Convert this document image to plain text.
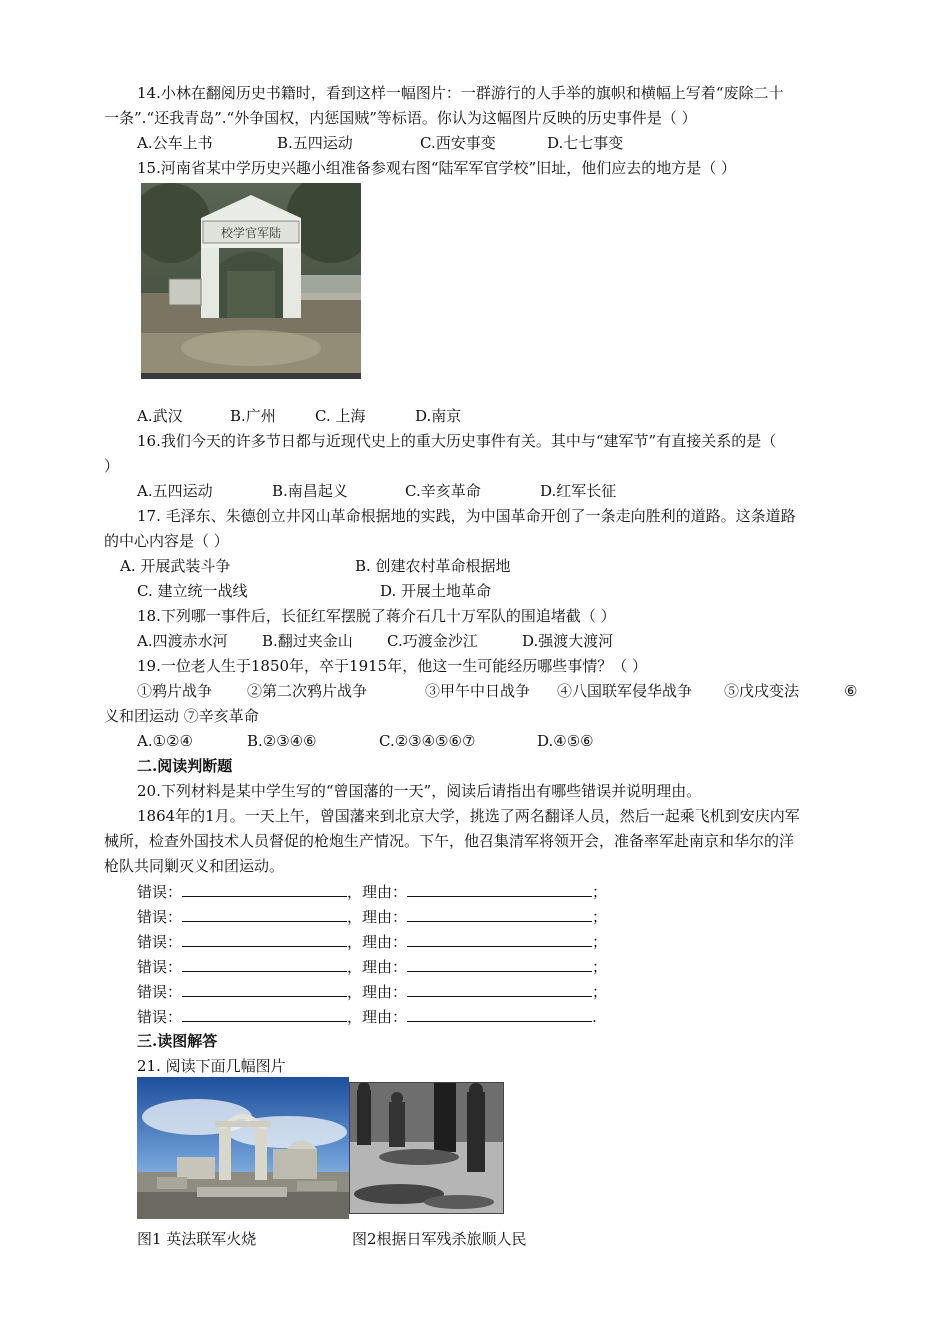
14.小林在翻阅历史书籍时，看到这样一幅图片：一群游行的人手举的旗帜和横幅上写着“废除二十
一条”.“还我青岛”.“外争国权，内惩国贼”等标语。你认为这幅图片反映的历史事件是（ ）
A.公车上书	B.五四运动	C.西安事变	D.七七事变
15.河南省某中学历史兴趣小组准备参观右图“陆军军官学校”旧址，他们应去的地方是（ ）
校学官军陆
A.武汉	B.广州	C. 上海	D.南京
16.我们今天的许多节日都与近现代史上的重大历史事件有关。其中与“建军节”有直接关系的是（
）
A.五四运动	B.南昌起义	C.辛亥革命	D.红军长征
17. 毛泽东、朱德创立井冈山革命根据地的实践，为中国革命开创了一条走向胜利的道路。这条道路
的中心内容是（ ）
A. 开展武装斗争	B. 创建农村革命根据地
C. 建立统一战线	D. 开展土地革命
18.下列哪一事件后，长征红军摆脱了蒋介石几十万军队的围追堵截（ ）
A.四渡赤水河 B.翻过夹金山 C.巧渡金沙江	D.强渡大渡河
19.一位老人生于1850年，卒于1915年，他这一生可能经历哪些事情？（ ）
①鸦片战争 ②第二次鸦片战争	③甲午中日战争 ④八国联军侵华战争 ⑤戊戌变法	⑥
义和团运动 ⑦辛亥革命
A.①②④	B.②③④⑥	C.②③④⑤⑥⑦	D.④⑤⑥
二.阅读判断题
20.下列材料是某中学生写的“曾国藩的一天”，阅读后请指出有哪些错误并说明理由。
1864年的1月。一天上午，曾国藩来到北京大学，挑选了两名翻译人员，然后一起乘飞机到安庆内军
械所，检查外国技术人员督促的枪炮生产情况。下午，他召集清军将领开会，准备率军赴南京和华尔的洋
枪队共同剿灭义和团运动。
错误：	，理由：	；
错误：	，理由：	；
错误：	，理由：	；
错误：	，理由：	；
错误：	，理由：	；
错误：	，理由：	.
三.读图解答
21. 阅读下面几幅图片
图1 英法联军火烧	图2根据日军残杀旅顺人民
